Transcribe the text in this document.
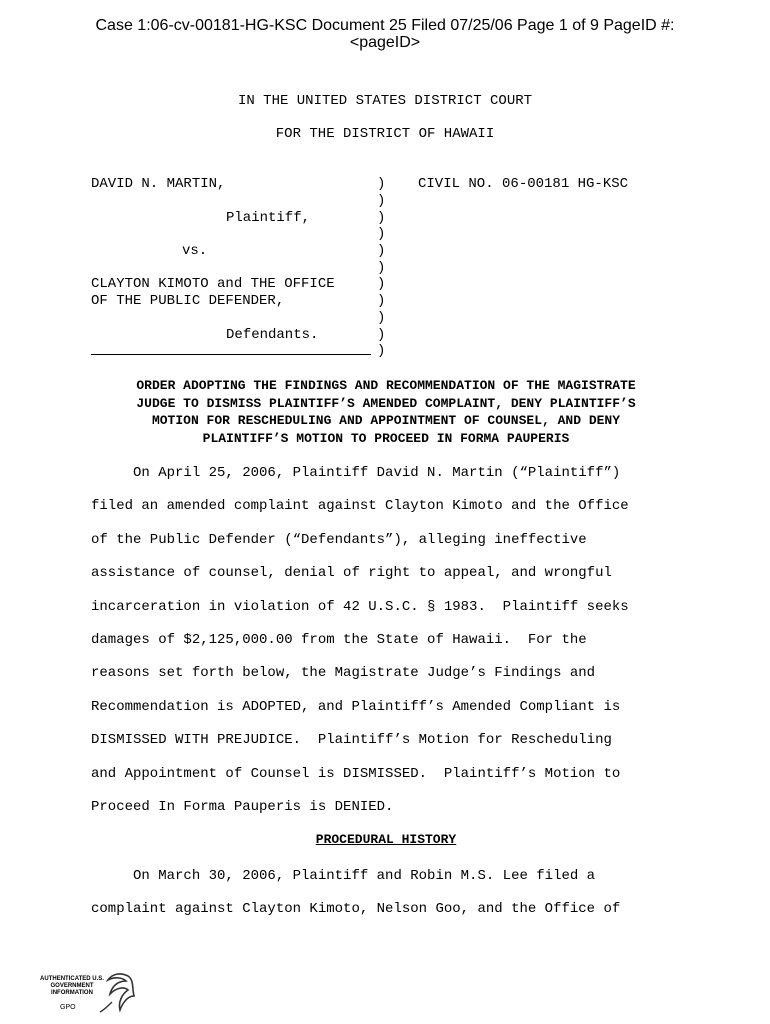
Case 1:06-cv-00181-HG-KSC Document 25 Filed 07/25/06 Page 1 of 9 PageID #:
<pageID>
IN THE UNITED STATES DISTRICT COURT
FOR THE DISTRICT OF HAWAII
DAVID N. MARTIN,
Plaintiff,
vs.
CLAYTON KIMOTO and THE OFFICE
OF THE PUBLIC DEFENDER,
Defendants.
)
)
)
)
)
)
)
)
)
)
)
CIVIL NO. 06-00181 HG-KSC
ORDER ADOPTING THE FINDINGS AND RECOMMENDATION OF THE MAGISTRATE
JUDGE TO DISMISS PLAINTIFF’S AMENDED COMPLAINT, DENY PLAINTIFF’S
MOTION FOR RESCHEDULING AND APPOINTMENT OF COUNSEL, AND DENY
PLAINTIFF’S MOTION TO PROCEED IN FORMA PAUPERIS
On April 25, 2006, Plaintiff David N. Martin (“Plaintiff”)
filed an amended complaint against Clayton Kimoto and the Office
of the Public Defender (“Defendants”), alleging ineffective
assistance of counsel, denial of right to appeal, and wrongful
incarceration in violation of 42 U.S.C. § 1983.  Plaintiff seeks
damages of $2,125,000.00 from the State of Hawaii.  For the
reasons set forth below, the Magistrate Judge’s Findings and
Recommendation is ADOPTED, and Plaintiff’s Amended Compliant is
DISMISSED WITH PREJUDICE.  Plaintiff’s Motion for Rescheduling
and Appointment of Counsel is DISMISSED.  Plaintiff’s Motion to
Proceed In Forma Pauperis is DENIED.
PROCEDURAL HISTORY
On March 30, 2006, Plaintiff and Robin M.S. Lee filed a
complaint against Clayton Kimoto, Nelson Goo, and the Office of
AUTHENTICATED U.S. GOVERNMENT INFORMATION
GPO
